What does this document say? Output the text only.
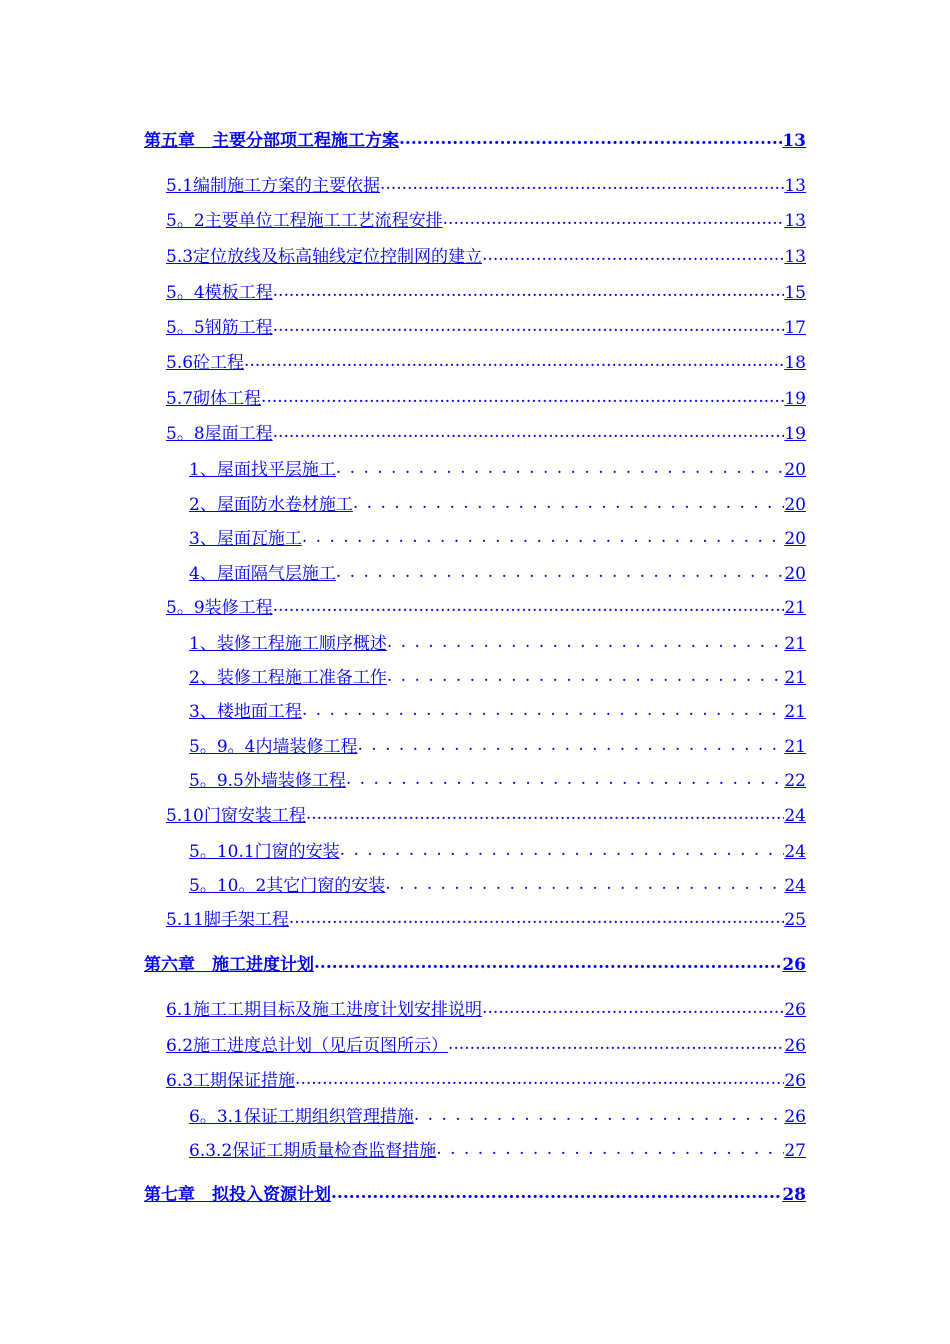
第五章　主要分部项工程施工方案 .....	13
5.1编制施工方案的主要依据 .....	13
5。2主要单位工程施工工艺流程安排 .....	13
5.3定位放线及标高轴线定位控制网的建立 .....	13
5。4模板工程 .....	15
5。5钢筋工程 .....	17
5.6砼工程 .....	18
5.7砌体工程 .....	19
5。8屋面工程 .....	19
1、屋面找平层施工 . . .	20
2、屋面防水卷材施工 . . .	20
3、屋面瓦施工 . . .	20
4、屋面隔气层施工 . . .	20
5。9装修工程 .....	21
1、装修工程施工顺序概述 . . .	21
2、装修工程施工准备工作 . . .	21
3、楼地面工程 . . .	21
5。9。4内墙装修工程 . . .	21
5。9.5外墙装修工程 . . .	22
5.10门窗安装工程 .....	24
5。10.1门窗的安装 . . .	24
5。10。2其它门窗的安装 . . .	24
5.11脚手架工程 .....	25
第六章　施工进度计划 .....	26
6.1施工工期目标及施工进度计划安排说明 .....	26
6.2施工进度总计划（见后页图所示） .....	26
6.3工期保证措施 .....	26
6。3.1保证工期组织管理措施 . . .	26
6.3.2保证工期质量检查监督措施 . . .	27
第七章　拟投入资源计划 .....	28
